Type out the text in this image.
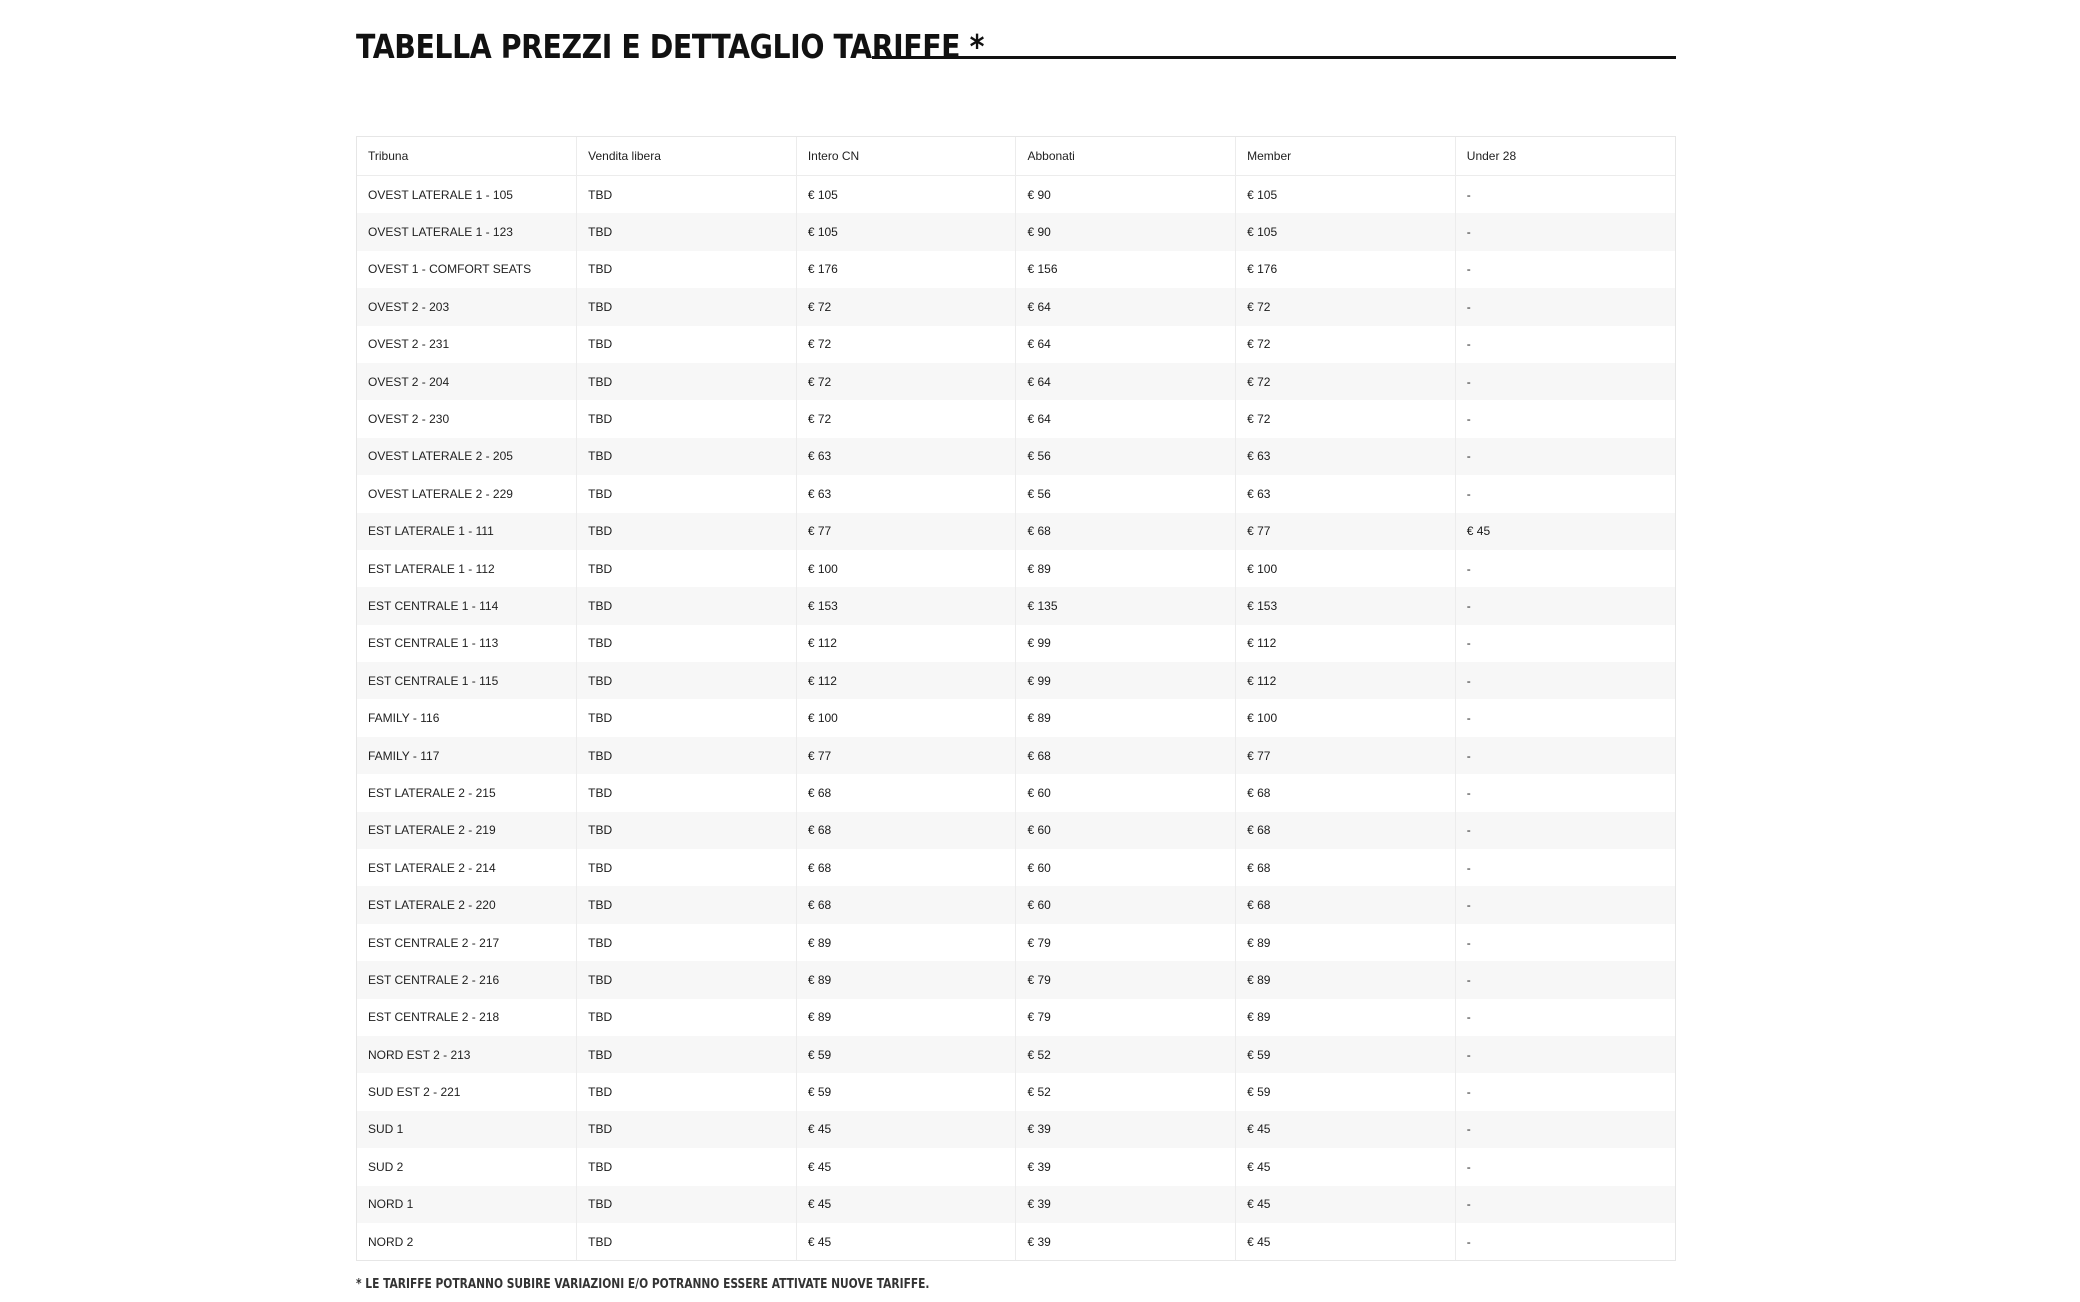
TABELLA PREZZI E DETTAGLIO TARIFFE *
Tribuna	Vendita libera	Intero CN	Abbonati	Member	Under 28
OVEST LATERALE 1 - 105	TBD	€ 105	€ 90	€ 105	-
OVEST LATERALE 1 - 123	TBD	€ 105	€ 90	€ 105	-
OVEST 1 - COMFORT SEATS	TBD	€ 176	€ 156	€ 176	-
OVEST 2 - 203	TBD	€ 72	€ 64	€ 72	-
OVEST 2 - 231	TBD	€ 72	€ 64	€ 72	-
OVEST 2 - 204	TBD	€ 72	€ 64	€ 72	-
OVEST 2 - 230	TBD	€ 72	€ 64	€ 72	-
OVEST LATERALE 2 - 205	TBD	€ 63	€ 56	€ 63	-
OVEST LATERALE 2 - 229	TBD	€ 63	€ 56	€ 63	-
EST LATERALE 1 - 111	TBD	€ 77	€ 68	€ 77	€ 45
EST LATERALE 1 - 112	TBD	€ 100	€ 89	€ 100	-
EST CENTRALE 1 - 114	TBD	€ 153	€ 135	€ 153	-
EST CENTRALE 1 - 113	TBD	€ 112	€ 99	€ 112	-
EST CENTRALE 1 - 115	TBD	€ 112	€ 99	€ 112	-
FAMILY - 116	TBD	€ 100	€ 89	€ 100	-
FAMILY - 117	TBD	€ 77	€ 68	€ 77	-
EST LATERALE 2 - 215	TBD	€ 68	€ 60	€ 68	-
EST LATERALE 2 - 219	TBD	€ 68	€ 60	€ 68	-
EST LATERALE 2 - 214	TBD	€ 68	€ 60	€ 68	-
EST LATERALE 2 - 220	TBD	€ 68	€ 60	€ 68	-
EST CENTRALE 2 - 217	TBD	€ 89	€ 79	€ 89	-
EST CENTRALE 2 - 216	TBD	€ 89	€ 79	€ 89	-
EST CENTRALE 2 - 218	TBD	€ 89	€ 79	€ 89	-
NORD EST 2 - 213	TBD	€ 59	€ 52	€ 59	-
SUD EST 2 - 221	TBD	€ 59	€ 52	€ 59	-
SUD 1	TBD	€ 45	€ 39	€ 45	-
SUD 2	TBD	€ 45	€ 39	€ 45	-
NORD 1	TBD	€ 45	€ 39	€ 45	-
NORD 2	TBD	€ 45	€ 39	€ 45	-
* LE TARIFFE POTRANNO SUBIRE VARIAZIONI E/O POTRANNO ESSERE ATTIVATE NUOVE TARIFFE.
